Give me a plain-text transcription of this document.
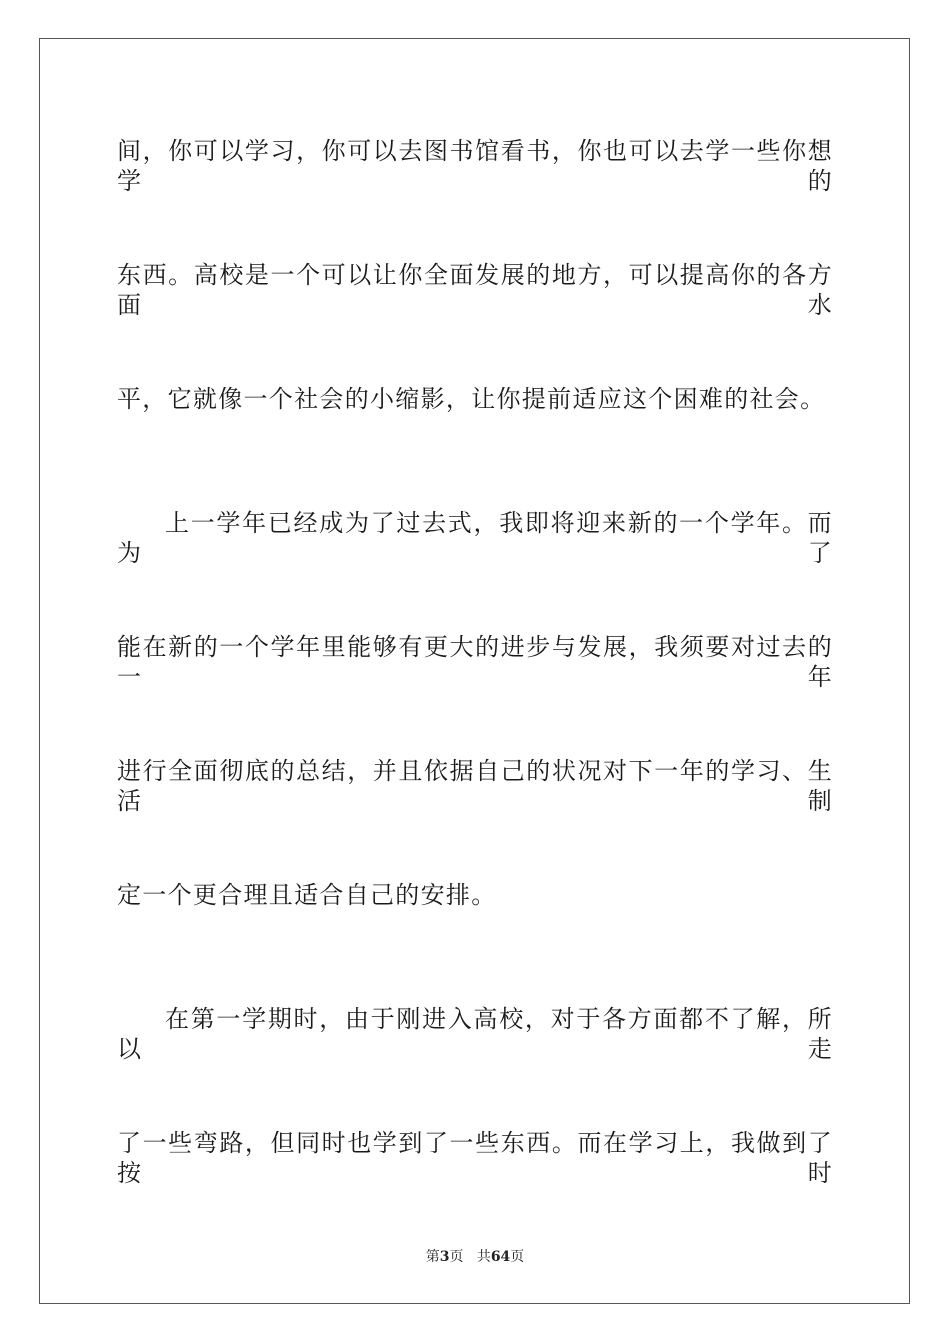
间，你可以学习，你可以去图书馆看书，你也可以去学一些你想学的
东西。高校是一个可以让你全面发展的地方，可以提高你的各方面水
平，它就像一个社会的小缩影，让你提前适应这个困难的社会。
上一学年已经成为了过去式，我即将迎来新的一个学年。而为了
能在新的一个学年里能够有更大的进步与发展，我须要对过去的一年
进行全面彻底的总结，并且依据自己的状况对下一年的学习、生活制
定一个更合理且适合自己的安排。
在第一学期时，由于刚进入高校，对于各方面都不了解，所以走
了一些弯路，但同时也学到了一些东西。而在学习上，我做到了按时
第3页 共64页
